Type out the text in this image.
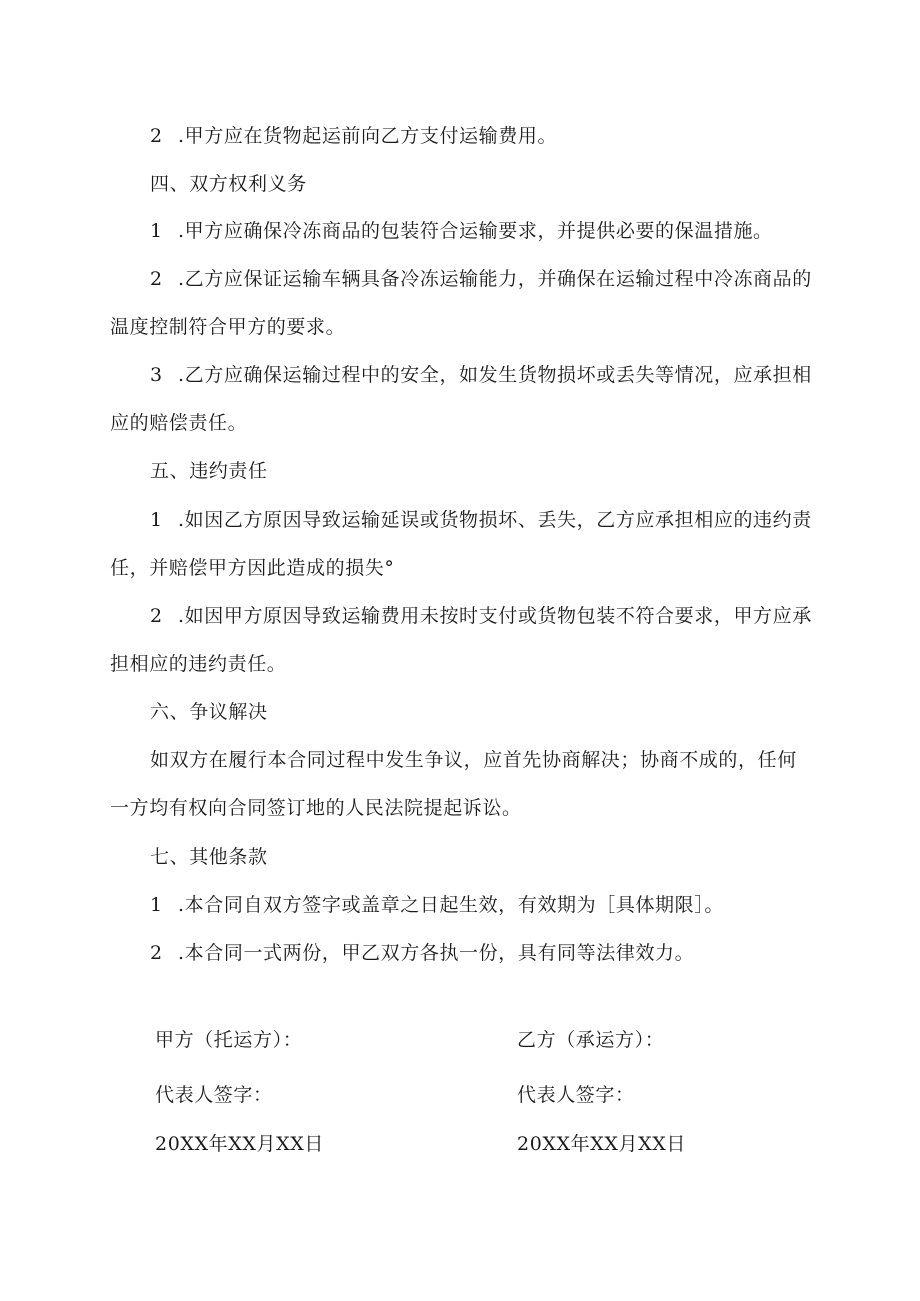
2 .甲方应在货物起运前向乙方支付运输费用。
四、双方权利义务
1 .甲方应确保冷冻商品的包装符合运输要求，并提供必要的保温措施。
2 .乙方应保证运输车辆具备冷冻运输能力，并确保在运输过程中冷冻商品的
温度控制符合甲方的要求。
3 .乙方应确保运输过程中的安全，如发生货物损坏或丢失等情况，应承担相
应的赔偿责任。
五、违约责任
1 .如因乙方原因导致运输延误或货物损坏、丢失，乙方应承担相应的违约责
任，并赔偿甲方因此造成的损失°
2 .如因甲方原因导致运输费用未按时支付或货物包装不符合要求，甲方应承
担相应的违约责任。
六、争议解决
如双方在履行本合同过程中发生争议，应首先协商解决；协商不成的，任何
一方均有权向合同签订地的人民法院提起诉讼。
七、其他条款
1 .本合同自双方签字或盖章之日起生效，有效期为［具体期限］。
2 .本合同一式两份，甲乙双方各执一份，具有同等法律效力。
甲方（托运方）：
代表人签字：
20XX年XX月XX日
乙方（承运方）：
代表人签字：
20XX年XX月XX日
